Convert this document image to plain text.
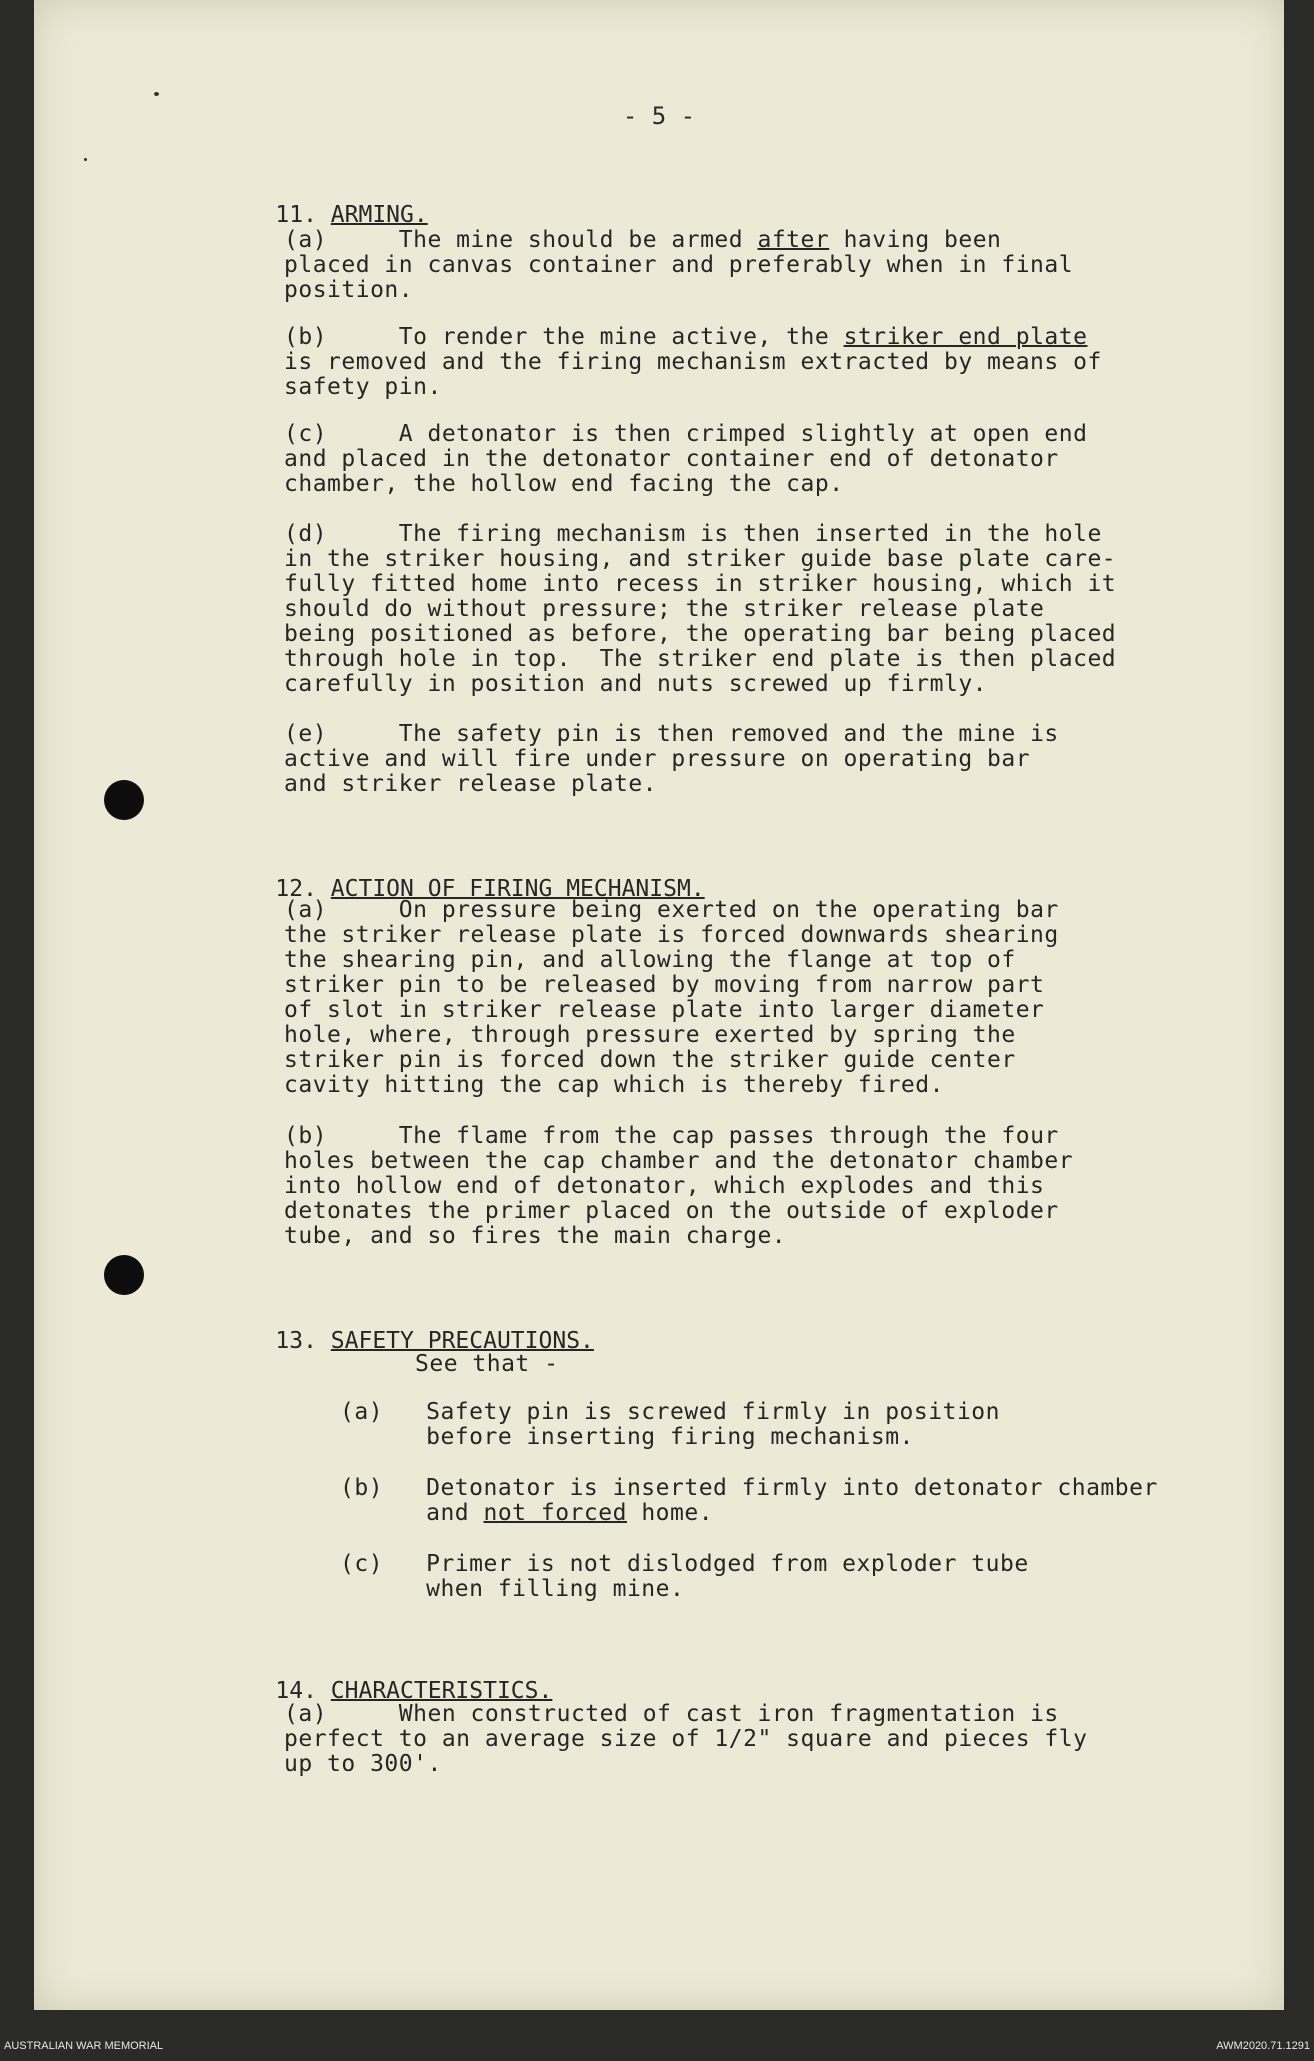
- 5 -

11. ARMING.

(a)	The mine should be armed after having been
placed in canvas container and preferably when in final
position.
(b)	To render the mine active, the striker end plate
is removed and the firing mechanism extracted by means of
safety pin.
(c)	A detonator is then crimped slightly at open end
and placed in the detonator container end of detonator
chamber, the hollow end facing the cap.
(d)	The firing mechanism is then inserted in the hole
in the striker housing, and striker guide base plate care-
fully fitted home into recess in striker housing, which it
should do without pressure; the striker release plate
being positioned as before, the operating bar being placed
through hole in top.  The striker end plate is then placed
carefully in position and nuts screwed up firmly.
(e)	The safety pin is then removed and the mine is
active and will fire under pressure on operating bar
and striker release plate.

12. ACTION OF FIRING MECHANISM.

(a)	On pressure being exerted on the operating bar
the striker release plate is forced downwards shearing
the shearing pin, and allowing the flange at top of
striker pin to be released by moving from narrow part
of slot in striker release plate into larger diameter
hole, where, through pressure exerted by spring the
striker pin is forced down the striker guide center
cavity hitting the cap which is thereby fired.
(b)	The flame from the cap passes through the four
holes between the cap chamber and the detonator chamber
into hollow end of detonator, which explodes and this
detonates the primer placed on the outside of exploder
tube, and so fires the main charge.

13. SAFETY PRECAUTIONS.

See that -
(a) Safety pin is screwed firmly in position
before inserting firing mechanism.
(b) Detonator is inserted firmly into detonator chamber
and not forced home.
(c) Primer is not dislodged from exploder tube
when filling mine.

14. CHARACTERISTICS.

(a)	When constructed of cast iron fragmentation is
perfect to an average size of 1/2" square and pieces fly
up to 300'.
AUSTRALIAN WAR MEMORIAL	AWM2020.71.1291
